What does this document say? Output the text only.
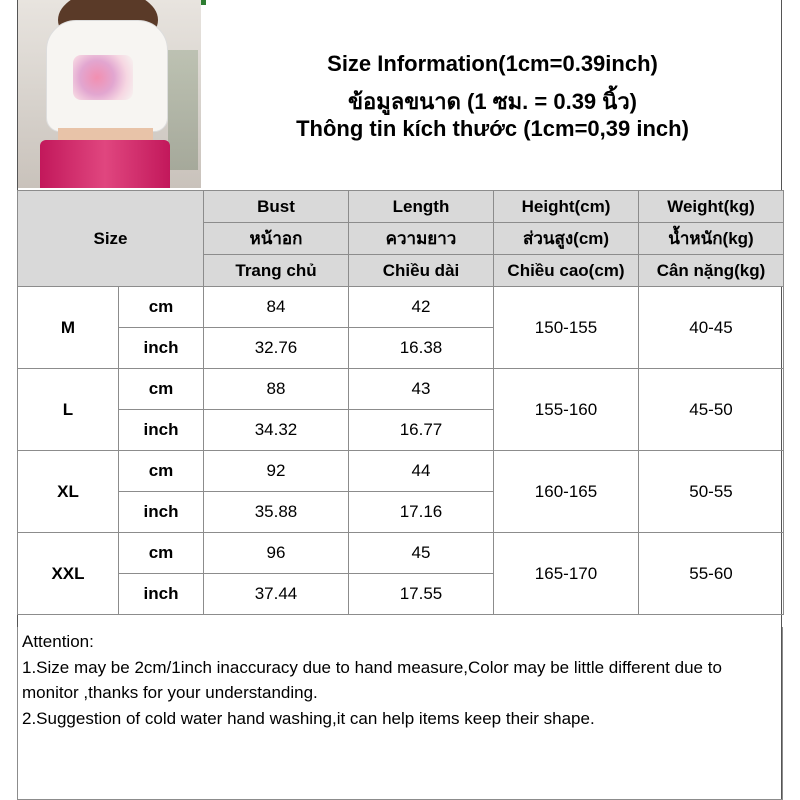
Size Information(1cm=0.39inch)
ข้อมูลขนาด (1 ซม. = 0.39 นิ้ว)
Thông tin kích thước (1cm=0,39 inch)
Size		Bust	Length	Height(cm)	Weight(kg)
		หน้าอก	ความยาว	ส่วนสูง(cm)	น้ำหนัก(kg)
		Trang chủ	Chiều dài	Chiều cao(cm)	Cân nặng(kg)
M	cm	84	42	150-155	40-45
	inch	32.76	16.38		
L	cm	88	43	155-160	45-50
	inch	34.32	16.77		
XL	cm	92	44	160-165	50-55
	inch	35.88	17.16		
XXL	cm	96	45	165-170	55-60
	inch	37.44	17.55		
Attention:
1.Size may be 2cm/1inch inaccuracy due to hand measure,Color may be little different due to monitor ,thanks for your understanding.
2.Suggestion of cold water hand washing,it can help items keep their shape.
